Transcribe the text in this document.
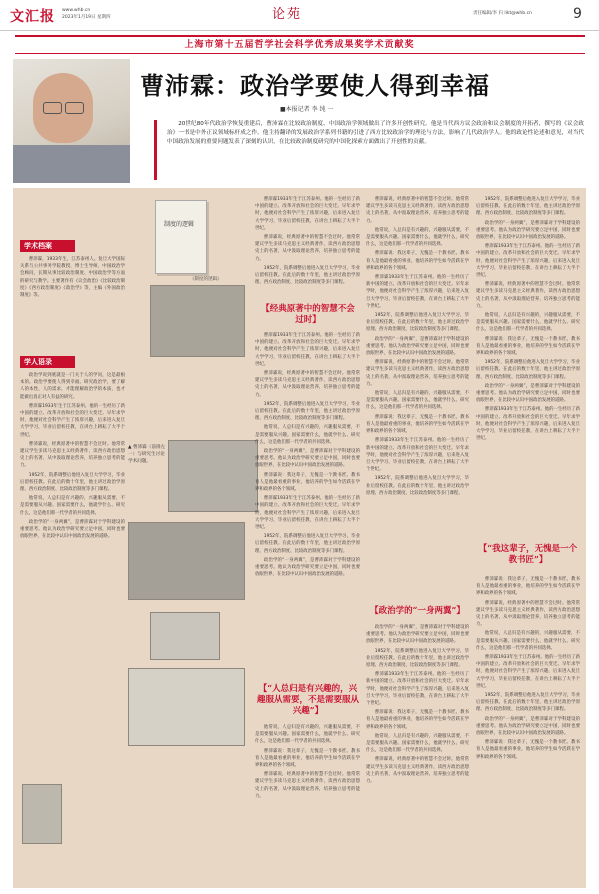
文汇报 www.whb.cn
2023年1月19日 星期四	论苑	责任编辑/李 归 likt@whb.cn	9
上海市第十五届哲学社会科学优秀成果奖学术贡献奖
曹沛霖：政治学要使人得到幸福
■本报记者 李 纯 一
20世纪80年代政治学恢复重建后，曹沛霖在比较政治制度、中国政治学领域做出了许多开创性研究。他是当代西方议会政治和议会制度的开拓者，撰写的《议会政治》一书是中外正议领域标杆成之作。他主持翻译的发展政治学系列书籍的引进了西方比较政治学的理论与方法，影响了几代政治学人。他的政论性论述和意见，对当代中国政治发展的重要问题发表了深刻的认识，在比较政治制度研究的中国化探索方面做出了开创性的贡献。
学术档案

曹沛霖，1933年生，江苏泰州人。复旦大学国际关系与公共事务学院教授，博士生导师，中国政治学会顾问，长期从事比较政治制度、中国政治学等方面的研究与教学。主要著作有《议会政治》《比较政治制度》《西方政治制度》《政治学》等，主编《外国政治制度》等。

学人语录

政治学说到底就是一门关于人的学问，这是最根本的。政治学要使人得到幸福。研究政治学，要了解人的本性、人的需求，才能理解政治学的本质，也才能做出真正对人有益的研究。

曹沛霖1933年生于江苏泰州。他的一生经历了新中国的建立、改革开放和社会的巨大变迁。早年求学时，他便对社会科学产生了浓厚兴趣，后来进入复旦大学学习，毕业后留校任教，在讲台上耕耘了大半个世纪。

曹沛霖说，经典原著中的智慧不会过时。他常常建议学生多读马克思主义经典著作，读西方政治思想史上的名著，从中汲取理论营养，培养独立思考的能力。

1952年，院系调整后他进入复旦大学学习，毕业后留校任教。在此后的数十年里，他主讲过政治学原理、西方政治制度、比较政治制度等多门课程。

他常说，人总归是有兴趣的，兴趣服从需要，不是需要服从兴趣。国家需要什么，他就学什么、研究什么，这是他们那一代学者的共同选择。

政治学的“一身两翼”，是曹沛霖对于学科建设的重要思考。他认为政治学研究要立足中国，同时也要放眼世界，在比较中认识中国政治发展的道路。

制度的逻辑
《制度的逻辑》
▲ 曹沛霖（前排左一）与研究生讨论学术问题。

曹沛霖1933年生于江苏泰州。他的一生经历了新中国的建立、改革开放和社会的巨大变迁。早年求学时，他便对社会科学产生了浓厚兴趣，后来进入复旦大学学习，毕业后留校任教，在讲台上耕耘了大半个世纪。

曹沛霖说，经典原著中的智慧不会过时。他常常建议学生多读马克思主义经典著作，读西方政治思想史上的名著，从中汲取理论营养，培养独立思考的能力。

1952年，院系调整后他进入复旦大学学习，毕业后留校任教。在此后的数十年里，他主讲过政治学原理、西方政治制度、比较政治制度等多门课程。

【经典原著中的智慧不会过时】

曹沛霖1933年生于江苏泰州。他的一生经历了新中国的建立、改革开放和社会的巨大变迁。早年求学时，他便对社会科学产生了浓厚兴趣，后来进入复旦大学学习，毕业后留校任教，在讲台上耕耘了大半个世纪。

曹沛霖说，经典原著中的智慧不会过时。他常常建议学生多读马克思主义经典著作，读西方政治思想史上的名著，从中汲取理论营养，培养独立思考的能力。

1952年，院系调整后他进入复旦大学学习，毕业后留校任教。在此后的数十年里，他主讲过政治学原理、西方政治制度、比较政治制度等多门课程。

他常说，人总归是有兴趣的，兴趣服从需要，不是需要服从兴趣。国家需要什么，他就学什么、研究什么，这是他们那一代学者的共同选择。

政治学的“一身两翼”，是曹沛霖对于学科建设的重要思考。他认为政治学研究要立足中国，同时也要放眼世界，在比较中认识中国政治发展的道路。

曹沛霖说：我这辈子，无愧是一个教书匠。教书育人是他最看重的事业，他培养的学生如今活跃在学界和政界的各个领域。

曹沛霖1933年生于江苏泰州。他的一生经历了新中国的建立、改革开放和社会的巨大变迁。早年求学时，他便对社会科学产生了浓厚兴趣，后来进入复旦大学学习，毕业后留校任教，在讲台上耕耘了大半个世纪。

1952年，院系调整后他进入复旦大学学习，毕业后留校任教。在此后的数十年里，他主讲过政治学原理、西方政治制度、比较政治制度等多门课程。

政治学的“一身两翼”，是曹沛霖对于学科建设的重要思考。他认为政治学研究要立足中国，同时也要放眼世界，在比较中认识中国政治发展的道路。

【“人总归是有兴趣的，兴趣服从需要，不是需要服从兴趣”】

他常说，人总归是有兴趣的，兴趣服从需要，不是需要服从兴趣。国家需要什么，他就学什么、研究什么，这是他们那一代学者的共同选择。

曹沛霖说：我这辈子，无愧是一个教书匠。教书育人是他最看重的事业，他培养的学生如今活跃在学界和政界的各个领域。

曹沛霖说，经典原著中的智慧不会过时。他常常建议学生多读马克思主义经典著作，读西方政治思想史上的名著，从中汲取理论营养，培养独立思考的能力。

曹沛霖说，经典原著中的智慧不会过时。他常常建议学生多读马克思主义经典著作，读西方政治思想史上的名著，从中汲取理论营养，培养独立思考的能力。

他常说，人总归是有兴趣的，兴趣服从需要，不是需要服从兴趣。国家需要什么，他就学什么、研究什么，这是他们那一代学者的共同选择。

曹沛霖说：我这辈子，无愧是一个教书匠。教书育人是他最看重的事业，他培养的学生如今活跃在学界和政界的各个领域。

曹沛霖1933年生于江苏泰州。他的一生经历了新中国的建立、改革开放和社会的巨大变迁。早年求学时，他便对社会科学产生了浓厚兴趣，后来进入复旦大学学习，毕业后留校任教，在讲台上耕耘了大半个世纪。

1952年，院系调整后他进入复旦大学学习，毕业后留校任教。在此后的数十年里，他主讲过政治学原理、西方政治制度、比较政治制度等多门课程。

政治学的“一身两翼”，是曹沛霖对于学科建设的重要思考。他认为政治学研究要立足中国，同时也要放眼世界，在比较中认识中国政治发展的道路。

曹沛霖说，经典原著中的智慧不会过时。他常常建议学生多读马克思主义经典著作，读西方政治思想史上的名著，从中汲取理论营养，培养独立思考的能力。

他常说，人总归是有兴趣的，兴趣服从需要，不是需要服从兴趣。国家需要什么，他就学什么、研究什么，这是他们那一代学者的共同选择。

曹沛霖说：我这辈子，无愧是一个教书匠。教书育人是他最看重的事业，他培养的学生如今活跃在学界和政界的各个领域。

曹沛霖1933年生于江苏泰州。他的一生经历了新中国的建立、改革开放和社会的巨大变迁。早年求学时，他便对社会科学产生了浓厚兴趣，后来进入复旦大学学习，毕业后留校任教，在讲台上耕耘了大半个世纪。

1952年，院系调整后他进入复旦大学学习，毕业后留校任教。在此后的数十年里，他主讲过政治学原理、西方政治制度、比较政治制度等多门课程。

【政治学的“一身两翼”】

政治学的“一身两翼”，是曹沛霖对于学科建设的重要思考。他认为政治学研究要立足中国，同时也要放眼世界，在比较中认识中国政治发展的道路。

1952年，院系调整后他进入复旦大学学习，毕业后留校任教。在此后的数十年里，他主讲过政治学原理、西方政治制度、比较政治制度等多门课程。

曹沛霖1933年生于江苏泰州。他的一生经历了新中国的建立、改革开放和社会的巨大变迁。早年求学时，他便对社会科学产生了浓厚兴趣，后来进入复旦大学学习，毕业后留校任教，在讲台上耕耘了大半个世纪。

曹沛霖说：我这辈子，无愧是一个教书匠。教书育人是他最看重的事业，他培养的学生如今活跃在学界和政界的各个领域。

他常说，人总归是有兴趣的，兴趣服从需要，不是需要服从兴趣。国家需要什么，他就学什么、研究什么，这是他们那一代学者的共同选择。

曹沛霖说，经典原著中的智慧不会过时。他常常建议学生多读马克思主义经典著作，读西方政治思想史上的名著，从中汲取理论营养，培养独立思考的能力。

1952年，院系调整后他进入复旦大学学习，毕业后留校任教。在此后的数十年里，他主讲过政治学原理、西方政治制度、比较政治制度等多门课程。

政治学的“一身两翼”，是曹沛霖对于学科建设的重要思考。他认为政治学研究要立足中国，同时也要放眼世界，在比较中认识中国政治发展的道路。

曹沛霖1933年生于江苏泰州。他的一生经历了新中国的建立、改革开放和社会的巨大变迁。早年求学时，他便对社会科学产生了浓厚兴趣，后来进入复旦大学学习，毕业后留校任教，在讲台上耕耘了大半个世纪。

曹沛霖说，经典原著中的智慧不会过时。他常常建议学生多读马克思主义经典著作，读西方政治思想史上的名著，从中汲取理论营养，培养独立思考的能力。

他常说，人总归是有兴趣的，兴趣服从需要，不是需要服从兴趣。国家需要什么，他就学什么、研究什么，这是他们那一代学者的共同选择。

曹沛霖说：我这辈子，无愧是一个教书匠。教书育人是他最看重的事业，他培养的学生如今活跃在学界和政界的各个领域。

1952年，院系调整后他进入复旦大学学习，毕业后留校任教。在此后的数十年里，他主讲过政治学原理、西方政治制度、比较政治制度等多门课程。

政治学的“一身两翼”，是曹沛霖对于学科建设的重要思考。他认为政治学研究要立足中国，同时也要放眼世界，在比较中认识中国政治发展的道路。

曹沛霖1933年生于江苏泰州。他的一生经历了新中国的建立、改革开放和社会的巨大变迁。早年求学时，他便对社会科学产生了浓厚兴趣，后来进入复旦大学学习，毕业后留校任教，在讲台上耕耘了大半个世纪。

【“我这辈子，无愧是一个教书匠”】

曹沛霖说：我这辈子，无愧是一个教书匠。教书育人是他最看重的事业，他培养的学生如今活跃在学界和政界的各个领域。

曹沛霖说，经典原著中的智慧不会过时。他常常建议学生多读马克思主义经典著作，读西方政治思想史上的名著，从中汲取理论营养，培养独立思考的能力。

他常说，人总归是有兴趣的，兴趣服从需要，不是需要服从兴趣。国家需要什么，他就学什么、研究什么，这是他们那一代学者的共同选择。

曹沛霖1933年生于江苏泰州。他的一生经历了新中国的建立、改革开放和社会的巨大变迁。早年求学时，他便对社会科学产生了浓厚兴趣，后来进入复旦大学学习，毕业后留校任教，在讲台上耕耘了大半个世纪。

1952年，院系调整后他进入复旦大学学习，毕业后留校任教。在此后的数十年里，他主讲过政治学原理、西方政治制度、比较政治制度等多门课程。

政治学的“一身两翼”，是曹沛霖对于学科建设的重要思考。他认为政治学研究要立足中国，同时也要放眼世界，在比较中认识中国政治发展的道路。

曹沛霖说：我这辈子，无愧是一个教书匠。教书育人是他最看重的事业，他培养的学生如今活跃在学界和政界的各个领域。
